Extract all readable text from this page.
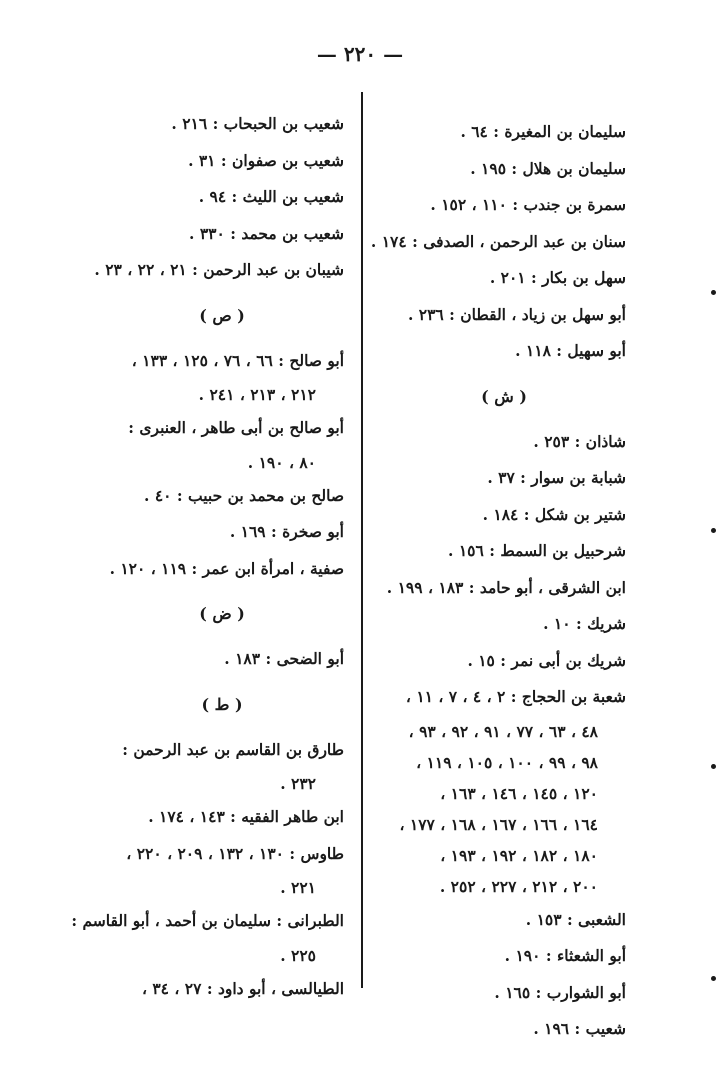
— ٢٢٠ —
سليمان بن المغيرة : ٦٤ .
سليمان بن هلال : ١٩٥ .
سمرة بن جندب : ١١٠ ، ١٥٢ .
سنان بن عبد الرحمن ، الصدفى : ١٧٤ .
سهل بن بكار : ٢٠١ .
أبو سهل بن زياد ، القطان : ٢٣٦ .
أبو سهيل : ١١٨ .
( ش )
شاذان : ٢٥٣ .
شبابة بن سوار : ٣٧ .
شتير بن شكل : ١٨٤ .
شرحبيل بن السمط : ١٥٦ .
ابن الشرقى ، أبو حامد : ١٨٣ ، ١٩٩ .
شريك : ١٠ .
شريك بن أبى نمر : ١٥ .
شعبة بن الحجاج : ٢ ، ٤ ، ٧ ، ١١ ،
٤٨ ، ٦٣ ، ٧٧ ، ٩١ ، ٩٢ ، ٩٣ ،
٩٨ ، ٩٩ ، ١٠٠ ، ١٠٥ ، ١١٩ ،
١٢٠ ، ١٤٥ ، ١٤٦ ، ١٦٣ ،
١٦٤ ، ١٦٦ ، ١٦٧ ، ١٦٨ ، ١٧٧ ،
١٨٠ ، ١٨٢ ، ١٩٢ ، ١٩٣ ،
٢٠٠ ، ٢١٢ ، ٢٢٧ ، ٢٥٢ .
الشعبى : ١٥٣ .
أبو الشعثاء : ١٩٠ .
أبو الشوارب : ١٦٥ .
شعيب : ١٩٦ .
شعيب بن الحبحاب : ٢١٦ .
شعيب بن صفوان : ٣١ .
شعيب بن الليث : ٩٤ .
شعيب بن محمد : ٣٣٠ .
شيبان بن عبد الرحمن : ٢١ ، ٢٢ ، ٢٣ .
( ص )
أبو صالح : ٦٦ ، ٧٦ ، ١٢٥ ، ١٣٣ ،
٢١٢ ، ٢١٣ ، ٢٤١ .
أبو صالح بن أبى طاهر ، العنبرى :
٨٠ ، ١٩٠ .
صالح بن محمد بن حبيب : ٤٠ .
أبو صخرة : ١٦٩ .
صفية ، امرأة ابن عمر : ١١٩ ، ١٢٠ .
( ض )
أبو الضحى : ١٨٣ .
( ط )
طارق بن القاسم بن عبد الرحمن :
٢٣٢ .
ابن طاهر الفقيه : ١٤٣ ، ١٧٤ .
طاوس : ١٣٠ ، ١٣٢ ، ٢٠٩ ، ٢٢٠ ،
٢٢١ .
الطبرانى : سليمان بن أحمد ، أبو القاسم :
٢٢٥ .
الطيالسى ، أبو داود : ٢٧ ، ٣٤ ،
